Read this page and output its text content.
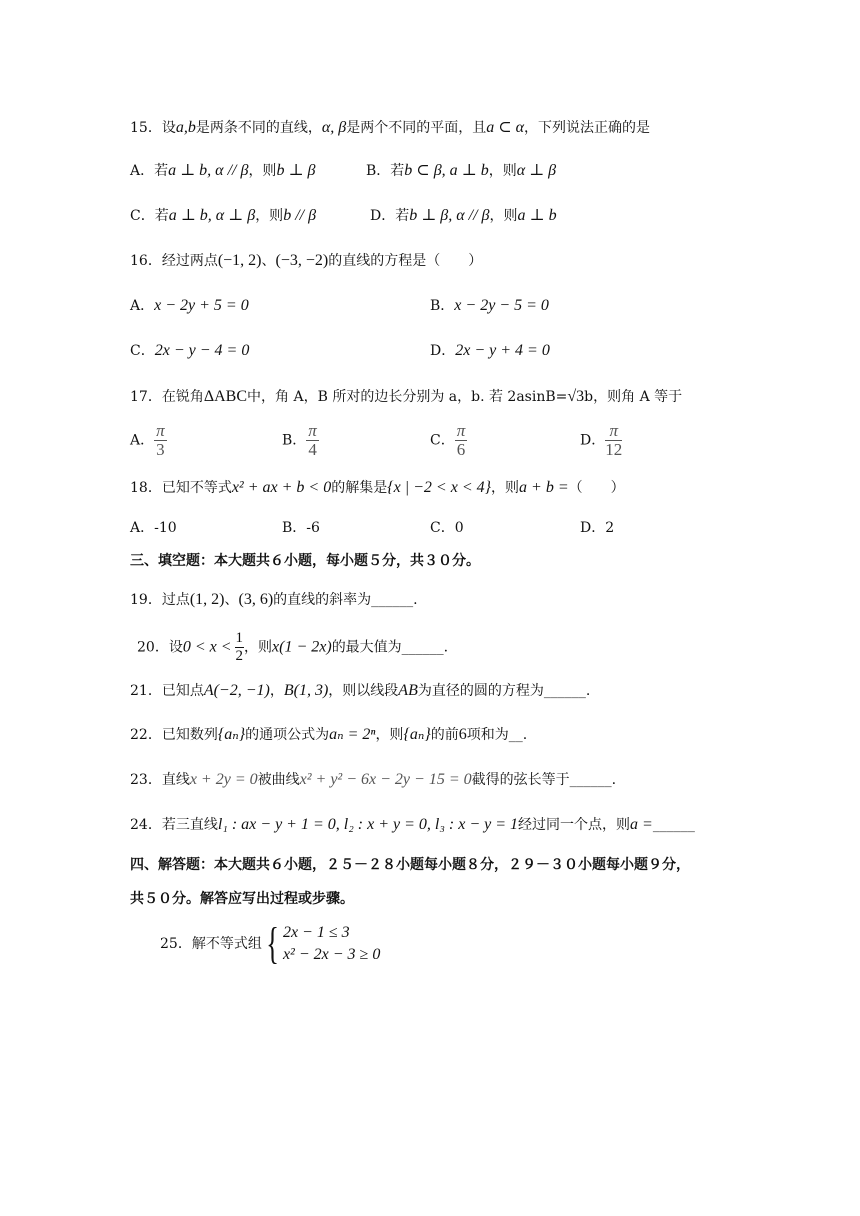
15．设a,b是两条不同的直线，α, β是两个不同的平面，且a ⊂ α，下列说法正确的是
A．若a ⊥ b, α // β，则b ⊥ β	B．若b ⊂ β, a ⊥ b，则α ⊥ β
C．若a ⊥ b, α ⊥ β，则b // β	D．若b ⊥ β, α // β，则a ⊥ b
16．经过两点(−1, 2)、(−3, −2)的直线的方程是（　　）
A．x − 2y + 5 = 0	B．x − 2y − 5 = 0
C．2x − y − 4 = 0	D．2x − y + 4 = 0
17．在锐角ΔABC中，角 A，B 所对的边长分别为 a，b. 若 2asinB=√3b，则角 A 等于
A． $\frac{\pi}{3}$	B． $\frac{\pi}{4}$	C． $\frac{\pi}{6}$	D． $\frac{\pi}{12}$
18．已知不等式x² + ax + b < 0的解集是{x | −2 < x < 4}，则a + b =（　　）
A．-10	B．-6	C．0	D．2
三、填空题：本大题共６小题，每小题５分，共３０分。
19．过点(1, 2)、(3, 6)的直线的斜率为______.
20．设$0 < x < \frac{1}{2}$ ，则x(1 − 2x)的最大值为______.
21．已知点A(−2, −1)，B(1, 3)，则以线段AB为直径的圆的方程为______.
22．已知数列{aₙ}的通项公式为aₙ = 2ⁿ，则{aₙ}的前6项和为__.
23．直线x + 2y = 0被曲线x² + y² − 6x − 2y − 15 = 0截得的弦长等于______.
24．若三直线l₁ : ax − y + 1 = 0, l₂ : x + y = 0, l₃ : x − y = 1经过同一个点，则a =______
四、解答题：本大题共６小题，２５－２８小题每小题８分，２９－３０小题每小题９分，
共５０分。解答应写出过程或步骤。
25．解不等式组{ 2x − 1 ≤ 3
x² − 2x − 3 ≥ 0
